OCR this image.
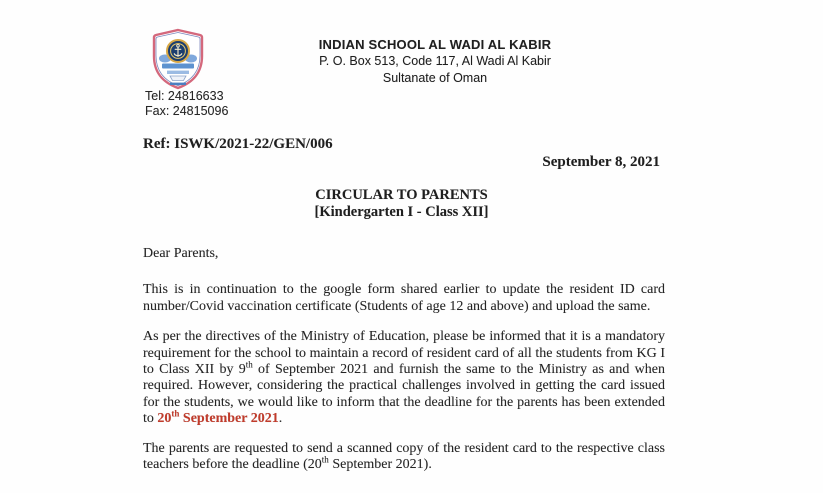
INDIAN SCHOOL AL WADI AL KABIR
P. O. Box 513, Code 117, Al Wadi Al Kabir
Sultanate of Oman
Tel: 24816633
Fax: 24815096
Ref: ISWK/2021-22/GEN/006
September 8, 2021
CIRCULAR TO PARENTS
[Kindergarten I - Class XII]

Dear Parents,

This is in continuation to the google form shared earlier to update the resident ID card number/Covid vaccination certificate (Students of age 12 and above) and upload the same.

As per the directives of the Ministry of Education, please be informed that it is a mandatory requirement for the school to maintain a record of resident card of all the students from KG I to Class XII by 9th of September 2021 and furnish the same to the Ministry as and when required. However, considering the practical challenges involved in getting the card issued for the students, we would like to inform that the deadline for the parents has been extended to 20th September 2021.

The parents are requested to send a scanned copy of the resident card to the respective class teachers before the deadline (20th September 2021).
